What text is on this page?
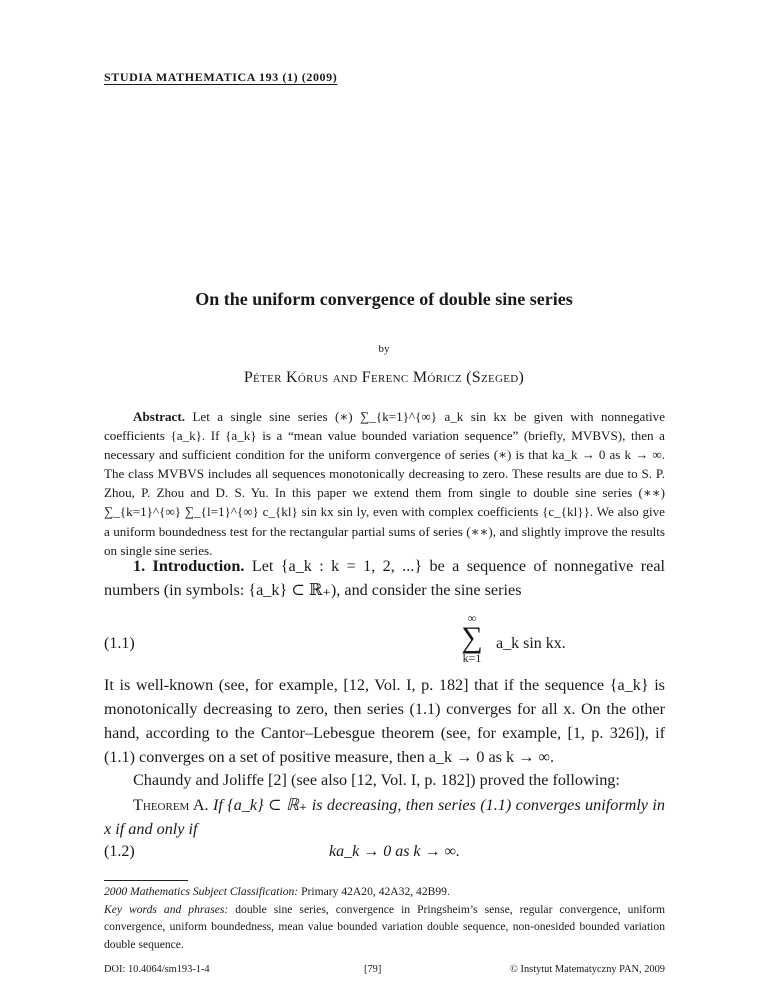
STUDIA MATHEMATICA 193 (1) (2009)
On the uniform convergence of double sine series
by
Péter Kórus and Ferenc Móricz (Szeged)
Abstract. Let a single sine series (∗) ∑_{k=1}^{∞} a_k sin kx be given with nonnegative coefficients {a_k}. If {a_k} is a “mean value bounded variation sequence” (briefly, MVBVS), then a necessary and sufficient condition for the uniform convergence of series (∗) is that ka_k → 0 as k → ∞. The class MVBVS includes all sequences monotonically decreasing to zero. These results are due to S. P. Zhou, P. Zhou and D. S. Yu. In this paper we extend them from single to double sine series (∗∗) ∑_{k=1}^{∞} ∑_{l=1}^{∞} c_{kl} sin kx sin ly, even with complex coefficients {c_{kl}}. We also give a uniform boundedness test for the rectangular partial sums of series (∗∗), and slightly improve the results on single sine series.
1. Introduction. Let {a_k : k = 1, 2, ...} be a sequence of nonnegative real numbers (in symbols: {a_k} ⊂ ℝ₊), and consider the sine series
(1.1)
∞
∑
k=1
a_k sin kx.
It is well-known (see, for example, [12, Vol. I, p. 182] that if the sequence {a_k} is monotonically decreasing to zero, then series (1.1) converges for all x. On the other hand, according to the Cantor–Lebesgue theorem (see, for example, [1, p. 326]), if (1.1) converges on a set of positive measure, then a_k → 0 as k → ∞.
Chaundy and Joliffe [2] (see also [12, Vol. I, p. 182]) proved the following:
Theorem A. If {a_k} ⊂ ℝ₊ is decreasing, then series (1.1) converges uniformly in x if and only if
(1.2)	ka_k → 0 as k → ∞.
2000 Mathematics Subject Classification: Primary 42A20, 42A32, 42B99.
Key words and phrases: double sine series, convergence in Pringsheim’s sense, regular convergence, uniform convergence, uniform boundedness, mean value bounded variation double sequence, non-onesided bounded variation double sequence.
DOI: 10.4064/sm193-1-4	[79]	© Instytut Matematyczny PAN, 2009
